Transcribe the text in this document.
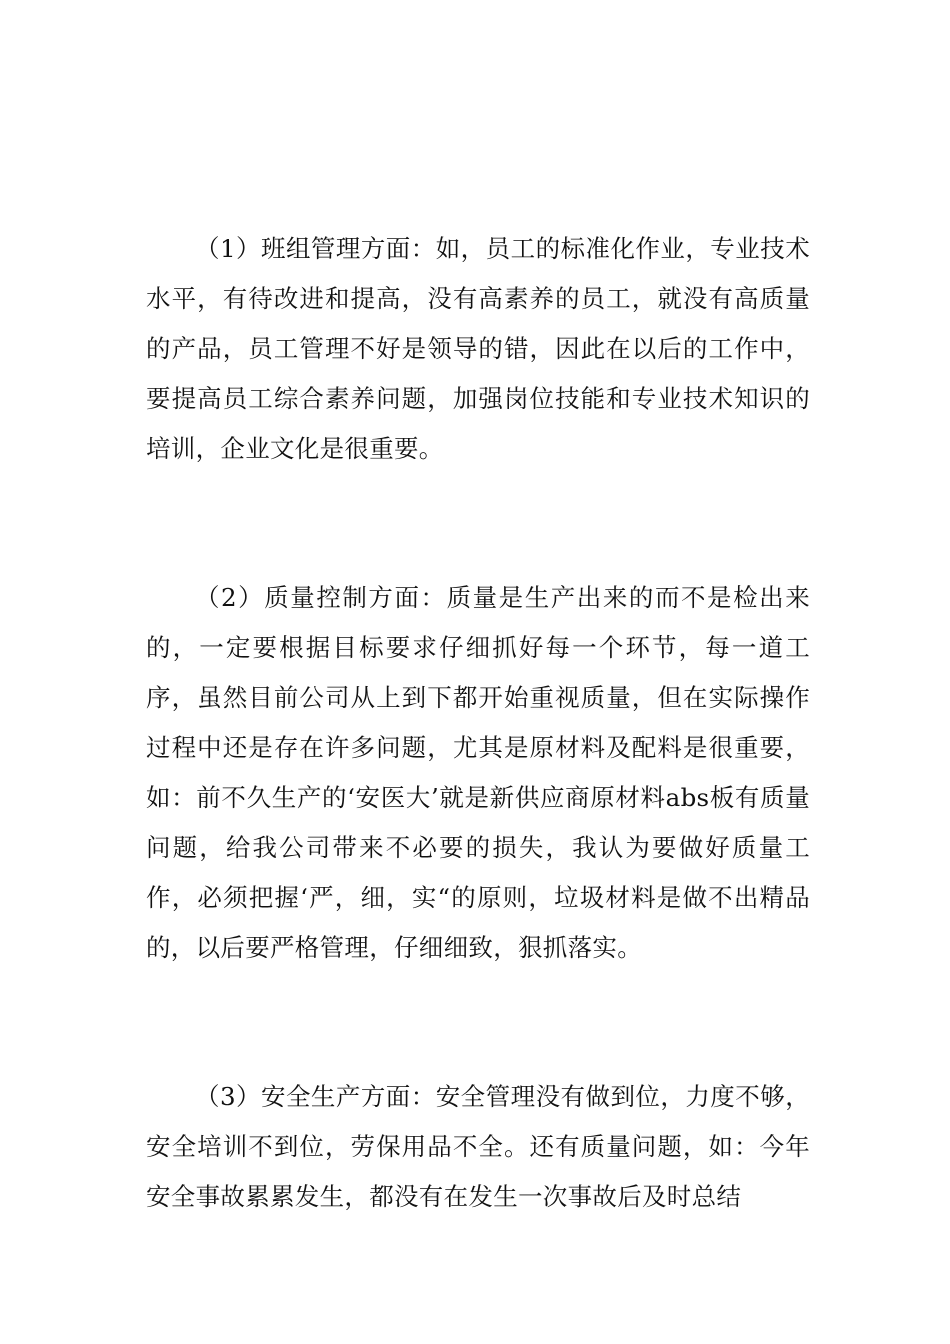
（1）班组管理方面：如，员工的标准化作业，专业技术水平，有待改进和提高，没有高素养的员工，就没有高质量的产品，员工管理不好是领导的错，因此在以后的工作中，要提高员工综合素养问题，加强岗位技能和专业技术知识的培训，企业文化是很重要。

（2）质量控制方面：质量是生产出来的而不是检出来的，一定要根据目标要求仔细抓好每一个环节，每一道工序，虽然目前公司从上到下都开始重视质量，但在实际操作过程中还是存在许多问题，尤其是原材料及配料是很重要，如：前不久生产的‘安医大’就是新供应商原材料abs板有质量问题，给我公司带来不必要的损失，我认为要做好质量工作，必须把握‘严，细，实“的原则，垃圾材料是做不出精品的，以后要严格管理，仔细细致，狠抓落实。

（3）安全生产方面：安全管理没有做到位，力度不够，安全培训不到位，劳保用品不全。还有质量问题，如：今年安全事故累累发生，都没有在发生一次事故后及时总结
